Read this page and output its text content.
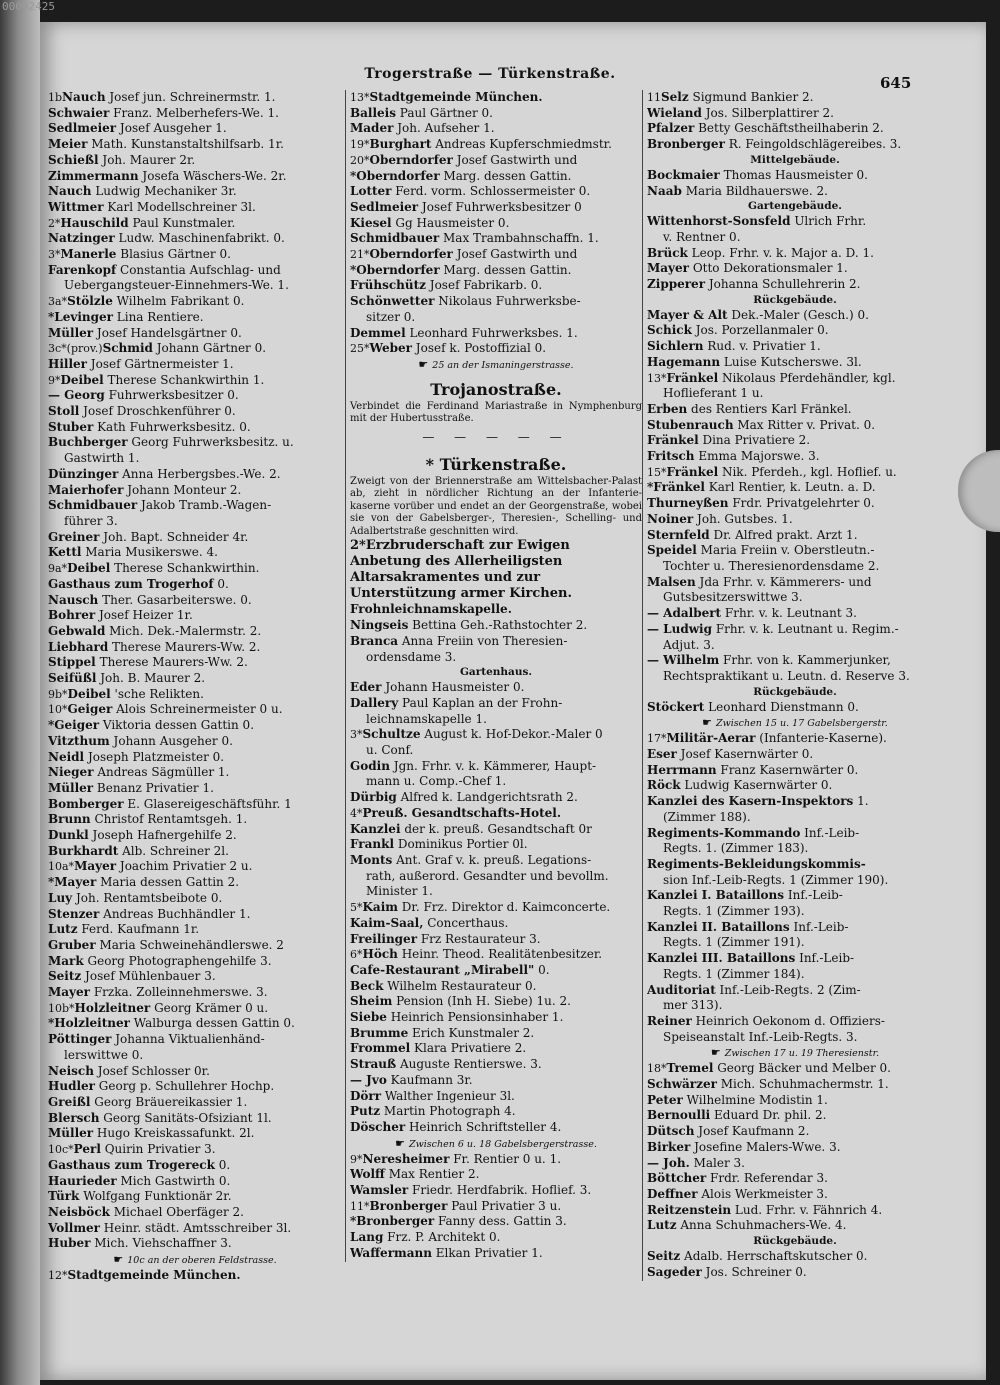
00092425
Trogerstraße — Türkenstraße.	645
1bNauch Josef jun. Schreinermstr. 1.
Schwaier Franz. Melberhefers-We. 1.
Sedlmeier Josef Ausgeher 1.
Meier Math. Kunstanstaltshilfsarb. 1r.
Schießl Joh. Maurer 2r.
Zimmermann Josefa Wäschers-We. 2r.
Nauch Ludwig Mechaniker 3r.
Wittmer Karl Modellschreiner 3l.
2*Hauschild Paul Kunstmaler.
Natzinger Ludw. Maschinenfabrikt. 0.
3*Manerle Blasius Gärtner 0.
Farenkopf Constantia Aufschlag- und
Uebergangsteuer-Einnehmers-We. 1.
3a*Stölzle Wilhelm Fabrikant 0.
*Levinger Lina Rentiere.
Müller Josef Handelsgärtner 0.
3c*(prov.)Schmid Johann Gärtner 0.
Hiller Josef Gärtnermeister 1.
9*Deibel Therese Schankwirthin 1.
— Georg Fuhrwerksbesitzer 0.
Stoll Josef Droschkenführer 0.
Stuber Kath Fuhrwerksbesitz. 0.
Buchberger Georg Fuhrwerksbesitz. u.
Gastwirth 1.
Dünzinger Anna Herbergsbes.-We. 2.
Maierhofer Johann Monteur 2.
Schmidbauer Jakob Tramb.-Wagen-
führer 3.
Greiner Joh. Bapt. Schneider 4r.
Kettl Maria Musikerswe. 4.
9a*Deibel Therese Schankwirthin.
Gasthaus zum Trogerhof 0.
Nausch Ther. Gasarbeiterswe. 0.
Bohrer Josef Heizer 1r.
Gebwald Mich. Dek.-Malermstr. 2.
Liebhard Therese Maurers-Ww. 2.
Stippel Therese Maurers-Ww. 2.
Seifüßl Joh. B. Maurer 2.
9b*Deibel 'sche Relikten.
10*Geiger Alois Schreinermeister 0 u.
*Geiger Viktoria dessen Gattin 0.
Vitzthum Johann Ausgeher 0.
Neidl Joseph Platzmeister 0.
Nieger Andreas Sägmüller 1.
Müller Benanz Privatier 1.
Bomberger E. Glasereigeschäftsführ. 1
Brunn Christof Rentamtsgeh. 1.
Dunkl Joseph Hafnergehilfe 2.
Burkhardt Alb. Schreiner 2l.
10a*Mayer Joachim Privatier 2 u.
*Mayer Maria dessen Gattin 2.
Luy Joh. Rentamtsbeibote 0.
Stenzer Andreas Buchhändler 1.
Lutz Ferd. Kaufmann 1r.
Gruber Maria Schweinehändlerswe. 2
Mark Georg Photographengehilfe 3.
Seitz Josef Mühlenbauer 3.
Mayer Frzka. Zolleinnehmerswe. 3.
10b*Holzleitner Georg Krämer 0 u.
*Holzleitner Walburga dessen Gattin 0.
Pöttinger Johanna Viktualienhänd-
lerswittwe 0.
Neisch Josef Schlosser 0r.
Hudler Georg p. Schullehrer Hochp.
Greißl Georg Bräuereikassier 1.
Blersch Georg Sanitäts-Ofsiziant 1l.
Müller Hugo Kreiskassafunkt. 2l.
10c*Perl Quirin Privatier 3.
Gasthaus zum Trogereck 0.
Haurieder Mich Gastwirth 0.
Türk Wolfgang Funktionär 2r.
Neisböck Michael Oberfäger 2.
Vollmer Heinr. städt. Amtsschreiber 3l.
Huber Mich. Viehschaffner 3.
☛ 10c an der oberen Feldstrasse.
12*Stadtgemeinde München.
13*Stadtgemeinde München.
Balleis Paul Gärtner 0.
Mader Joh. Aufseher 1.
19*Burghart Andreas Kupferschmiedmstr.
20*Oberndorfer Josef Gastwirth und
*Oberndorfer Marg. dessen Gattin.
Lotter Ferd. vorm. Schlossermeister 0.
Sedlmeier Josef Fuhrwerksbesitzer 0
Kiesel Gg Hausmeister 0.
Schmidbauer Max Trambahnschaffn. 1.
21*Oberndorfer Josef Gastwirth und
*Oberndorfer Marg. dessen Gattin.
Frühschütz Josef Fabrikarb. 0.
Schönwetter Nikolaus Fuhrwerksbe-
sitzer 0.
Demmel Leonhard Fuhrwerksbes. 1.
25*Weber Josef k. Postoffizial 0.
☛ 25 an der Ismaningerstrasse.
Trojanostraße.
Verbindet die Ferdinand Mariastraße in Nymphenburg mit der Hubertusstraße.
— — — — —
* Türkenstraße.
Zweigt von der Briennerstraße am Wittelsbacher-Palast ab, zieht in nördlicher Richtung an der Infanterie-kaserne vorüber und endet an der Georgenstraße, wobei sie von der Gabelsberger-, Theresien-, Schelling- und Adalbertstraße geschnitten wird.
2*Erzbruderschaft zur Ewigen Anbetung des Allerheiligsten Altarsakramentes und zur Unterstützung armer Kirchen.
Frohnleichnamskapelle.
Ningseis Bettina Geh.-Rathstochter 2.
Branca Anna Freiin von Theresien-
ordensdame 3.
Gartenhaus.
Eder Johann Hausmeister 0.
Dallery Paul Kaplan an der Frohn-
leichnamskapelle 1.
3*Schultze August k. Hof-Dekor.-Maler 0
u. Conf.
Godin Jgn. Frhr. v. k. Kämmerer, Haupt-
mann u. Comp.-Chef 1.
Dürbig Alfred k. Landgerichtsrath 2.
4*Preuß. Gesandtschafts-Hotel.
Kanzlei der k. preuß. Gesandtschaft 0r
Frankl Dominikus Portier 0l.
Monts Ant. Graf v. k. preuß. Legations-
rath, außerord. Gesandter und bevollm.
Minister 1.
5*Kaim Dr. Frz. Direktor d. Kaimconcerte.
Kaim-Saal, Concerthaus.
Freilinger Frz Restaurateur 3.
6*Höch Heinr. Theod. Realitätenbesitzer.
Cafe-Restaurant „Mirabell" 0.
Beck Wilhelm Restaurateur 0.
Sheim Pension (Inh H. Siebe) 1u. 2.
Siebe Heinrich Pensionsinhaber 1.
Brumme Erich Kunstmaler 2.
Frommel Klara Privatiere 2.
Strauß Auguste Rentierswe. 3.
— Jvo Kaufmann 3r.
Dörr Walther Ingenieur 3l.
Putz Martin Photograph 4.
Döscher Heinrich Schriftsteller 4.
☛ Zwischen 6 u. 18 Gabelsbergerstrasse.
9*Neresheimer Fr. Rentier 0 u. 1.
Wolff Max Rentier 2.
Wamsler Friedr. Herdfabrik. Hoflief. 3.
11*Bronberger Paul Privatier 3 u.
*Bronberger Fanny dess. Gattin 3.
Lang Frz. P. Architekt 0.
Waffermann Elkan Privatier 1.
11Selz Sigmund Bankier 2.
Wieland Jos. Silberplattirer 2.
Pfalzer Betty Geschäftstheilhaberin 2.
Bronberger R. Feingoldschlägereibes. 3.
Mittelgebäude.
Bockmaier Thomas Hausmeister 0.
Naab Maria Bildhauerswe. 2.
Gartengebäude.
Wittenhorst-Sonsfeld Ulrich Frhr.
v. Rentner 0.
Brück Leop. Frhr. v. k. Major a. D. 1.
Mayer Otto Dekorationsmaler 1.
Zipperer Johanna Schullehrerin 2.
Rückgebäude.
Mayer & Alt Dek.-Maler (Gesch.) 0.
Schick Jos. Porzellanmaler 0.
Sichlern Rud. v. Privatier 1.
Hagemann Luise Kutscherswe. 3l.
13*Fränkel Nikolaus Pferdehändler, kgl.
Hoflieferant 1 u.
Erben des Rentiers Karl Fränkel.
Stubenrauch Max Ritter v. Privat. 0.
Fränkel Dina Privatiere 2.
Fritsch Emma Majorswe. 3.
15*Fränkel Nik. Pferdeh., kgl. Hoflief. u.
*Fränkel Karl Rentier, k. Leutn. a. D.
Thurneyßen Frdr. Privatgelehrter 0.
Noiner Joh. Gutsbes. 1.
Sternfeld Dr. Alfred prakt. Arzt 1.
Speidel Maria Freiin v. Oberstleutn.-
Tochter u. Theresienordensdame 2.
Malsen Jda Frhr. v. Kämmerers- und
Gutsbesitzerswittwe 3.
— Adalbert Frhr. v. k. Leutnant 3.
— Ludwig Frhr. v. k. Leutnant u. Regim.-
Adjut. 3.
— Wilhelm Frhr. von k. Kammerjunker,
Rechtspraktikant u. Leutn. d. Reserve 3.
Rückgebäude.
Stöckert Leonhard Dienstmann 0.
☛ Zwischen 15 u. 17 Gabelsbergerstr.
17*Militär-Aerar (Infanterie-Kaserne).
Eser Josef Kasernwärter 0.
Herrmann Franz Kasernwärter 0.
Röck Ludwig Kasernwärter 0.
Kanzlei des Kasern-Inspektors 1.
(Zimmer 188).
Regiments-Kommando Inf.-Leib-
Regts. 1. (Zimmer 183).
Regiments-Bekleidungskommis-
sion Inf.-Leib-Regts. 1 (Zimmer 190).
Kanzlei I. Bataillons Inf.-Leib-
Regts. 1 (Zimmer 193).
Kanzlei II. Bataillons Inf.-Leib-
Regts. 1 (Zimmer 191).
Kanzlei III. Bataillons Inf.-Leib-
Regts. 1 (Zimmer 184).
Auditoriat Inf.-Leib-Regts. 2 (Zim-
mer 313).
Reiner Heinrich Oekonom d. Offiziers-
Speiseanstalt Inf.-Leib-Regts. 3.
☛ Zwischen 17 u. 19 Theresienstr.
18*Tremel Georg Bäcker und Melber 0.
Schwärzer Mich. Schuhmachermstr. 1.
Peter Wilhelmine Modistin 1.
Bernoulli Eduard Dr. phil. 2.
Dütsch Josef Kaufmann 2.
Birker Josefine Malers-Wwe. 3.
— Joh. Maler 3.
Böttcher Frdr. Referendar 3.
Deffner Alois Werkmeister 3.
Reitzenstein Lud. Frhr. v. Fähnrich 4.
Lutz Anna Schuhmachers-We. 4.
Rückgebäude.
Seitz Adalb. Herrschaftskutscher 0.
Sageder Jos. Schreiner 0.
